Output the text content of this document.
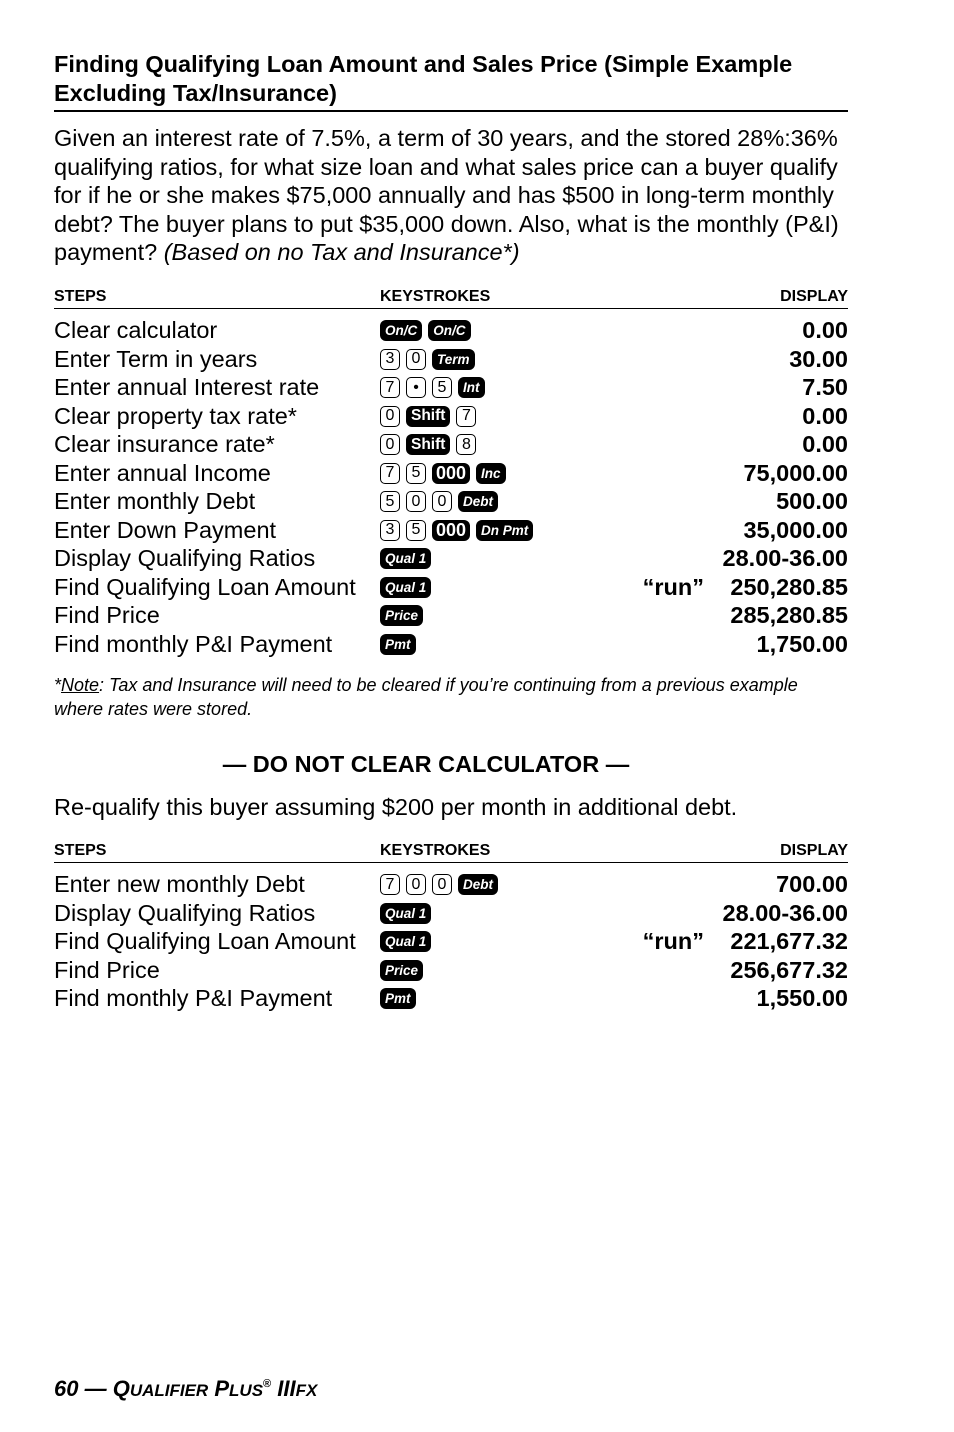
Finding Qualifying Loan Amount and Sales Price (Simple Example Excluding Tax/Insurance)
Given an interest rate of 7.5%, a term of 30 years, and the stored 28%:36% qualifying ratios, for what size loan and what sales price can a buyer qualify for if he or she makes $75,000 annually and has $500 in long-term monthly debt? The buyer plans to put $35,000 down. Also, what is the monthly (P&I) payment? (Based on no Tax and Insurance*)
STEPS	KEYSTROKES	DISPLAY
Clear calculator	On/C	On/C	0.00
Enter Term in years	3	0	Term	30.00
Enter annual Interest rate	7	•	5	Int	7.50
Clear property tax rate*	0	Shift	7	0.00
Clear insurance rate*	0	Shift	8	0.00
Enter annual Income	7	5 000	Inc	75,000.00
Enter monthly Debt	5	0	0	Debt	500.00
Enter Down Payment	3	5 000	Dn Pmt	35,000.00
Display Qualifying Ratios	Qual 1	28.00-36.00
Find Qualifying Loan Amount	Qual 1	“run” 250,280.85
Find Price	Price	285,280.85
Find monthly P&I Payment	Pmt	1,750.00
*Note: Tax and Insurance will need to be cleared if you’re continuing from a previous example where rates were stored.
— DO NOT CLEAR CALCULATOR —
Re-qualify this buyer assuming $200 per month in additional debt.
STEPS	KEYSTROKES	DISPLAY
Enter new monthly Debt	7	0	0	Debt	700.00
Display Qualifying Ratios	Qual 1	28.00-36.00
Find Qualifying Loan Amount	Qual 1	“run” 221,677.32
Find Price	Price	256,677.32
Find monthly P&I Payment	Pmt	1,550.00
60 — QUALIFIER PLUS® IIIFX
